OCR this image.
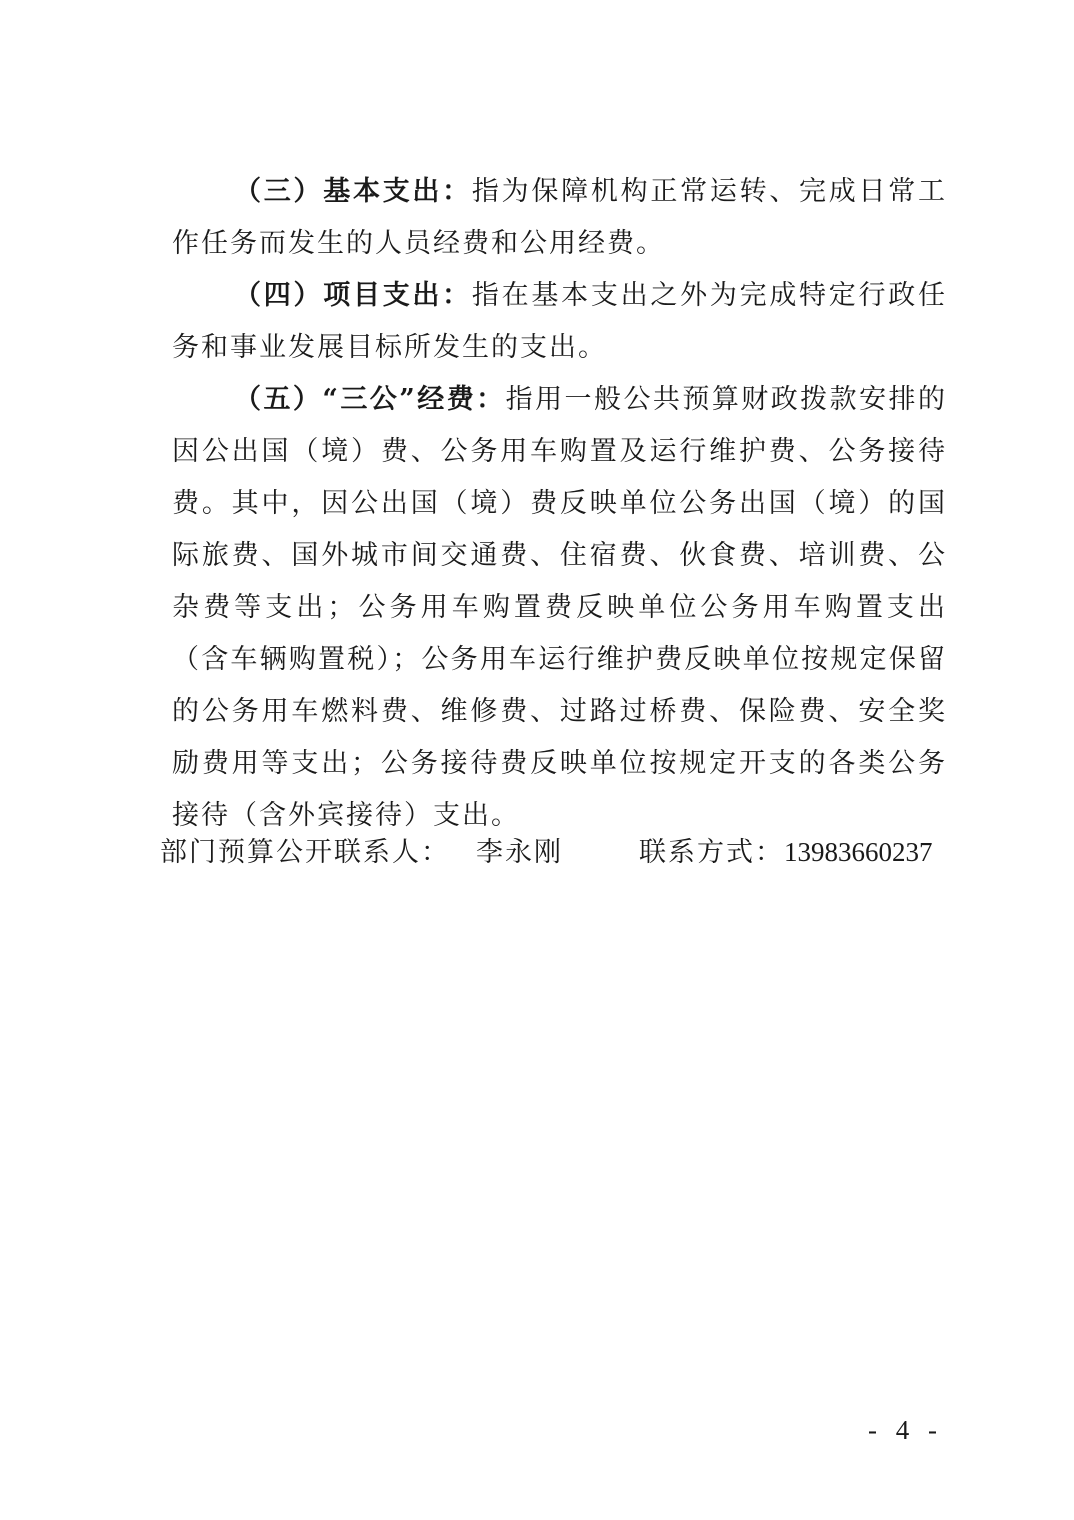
（三）基本支出：指为保障机构正常运转、完成日常工作任务而发生的人员经费和公用经费。

（四）项目支出：指在基本支出之外为完成特定行政任务和事业发展目标所发生的支出。

（五）“三公”经费：指用一般公共预算财政拨款安排的因公出国（境）费、公务用车购置及运行维护费、公务接待费。其中，因公出国（境）费反映单位公务出国（境）的国际旅费、国外城市间交通费、住宿费、伙食费、培训费、公杂费等支出；公务用车购置费反映单位公务用车购置支出（含车辆购置税）；公务用车运行维护费反映单位按规定保留的公务用车燃料费、维修费、过路过桥费、保险费、安全奖励费用等支出；公务接待费反映单位按规定开支的各类公务接待（含外宾接待）支出。

部门预算公开联系人： 李永刚	联系方式：13983660237
- 4 -
